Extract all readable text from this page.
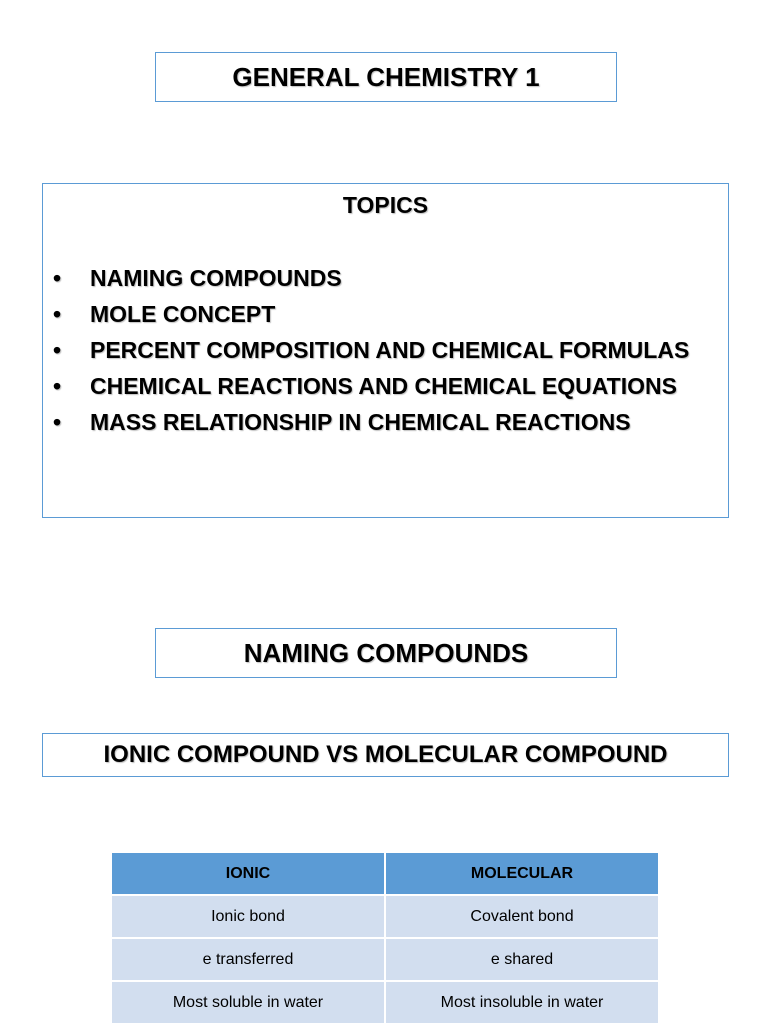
GENERAL CHEMISTRY 1
TOPICS
• NAMING COMPOUNDS
• MOLE CONCEPT
• PERCENT COMPOSITION AND CHEMICAL FORMULAS
• CHEMICAL REACTIONS AND CHEMICAL EQUATIONS
• MASS RELATIONSHIP IN CHEMICAL REACTIONS
NAMING COMPOUNDS
IONIC COMPOUND VS MOLECULAR COMPOUND
IONIC	MOLECULAR
Ionic bond	Covalent bond
e transferred	e shared
Most soluble in water	Most insoluble in water
